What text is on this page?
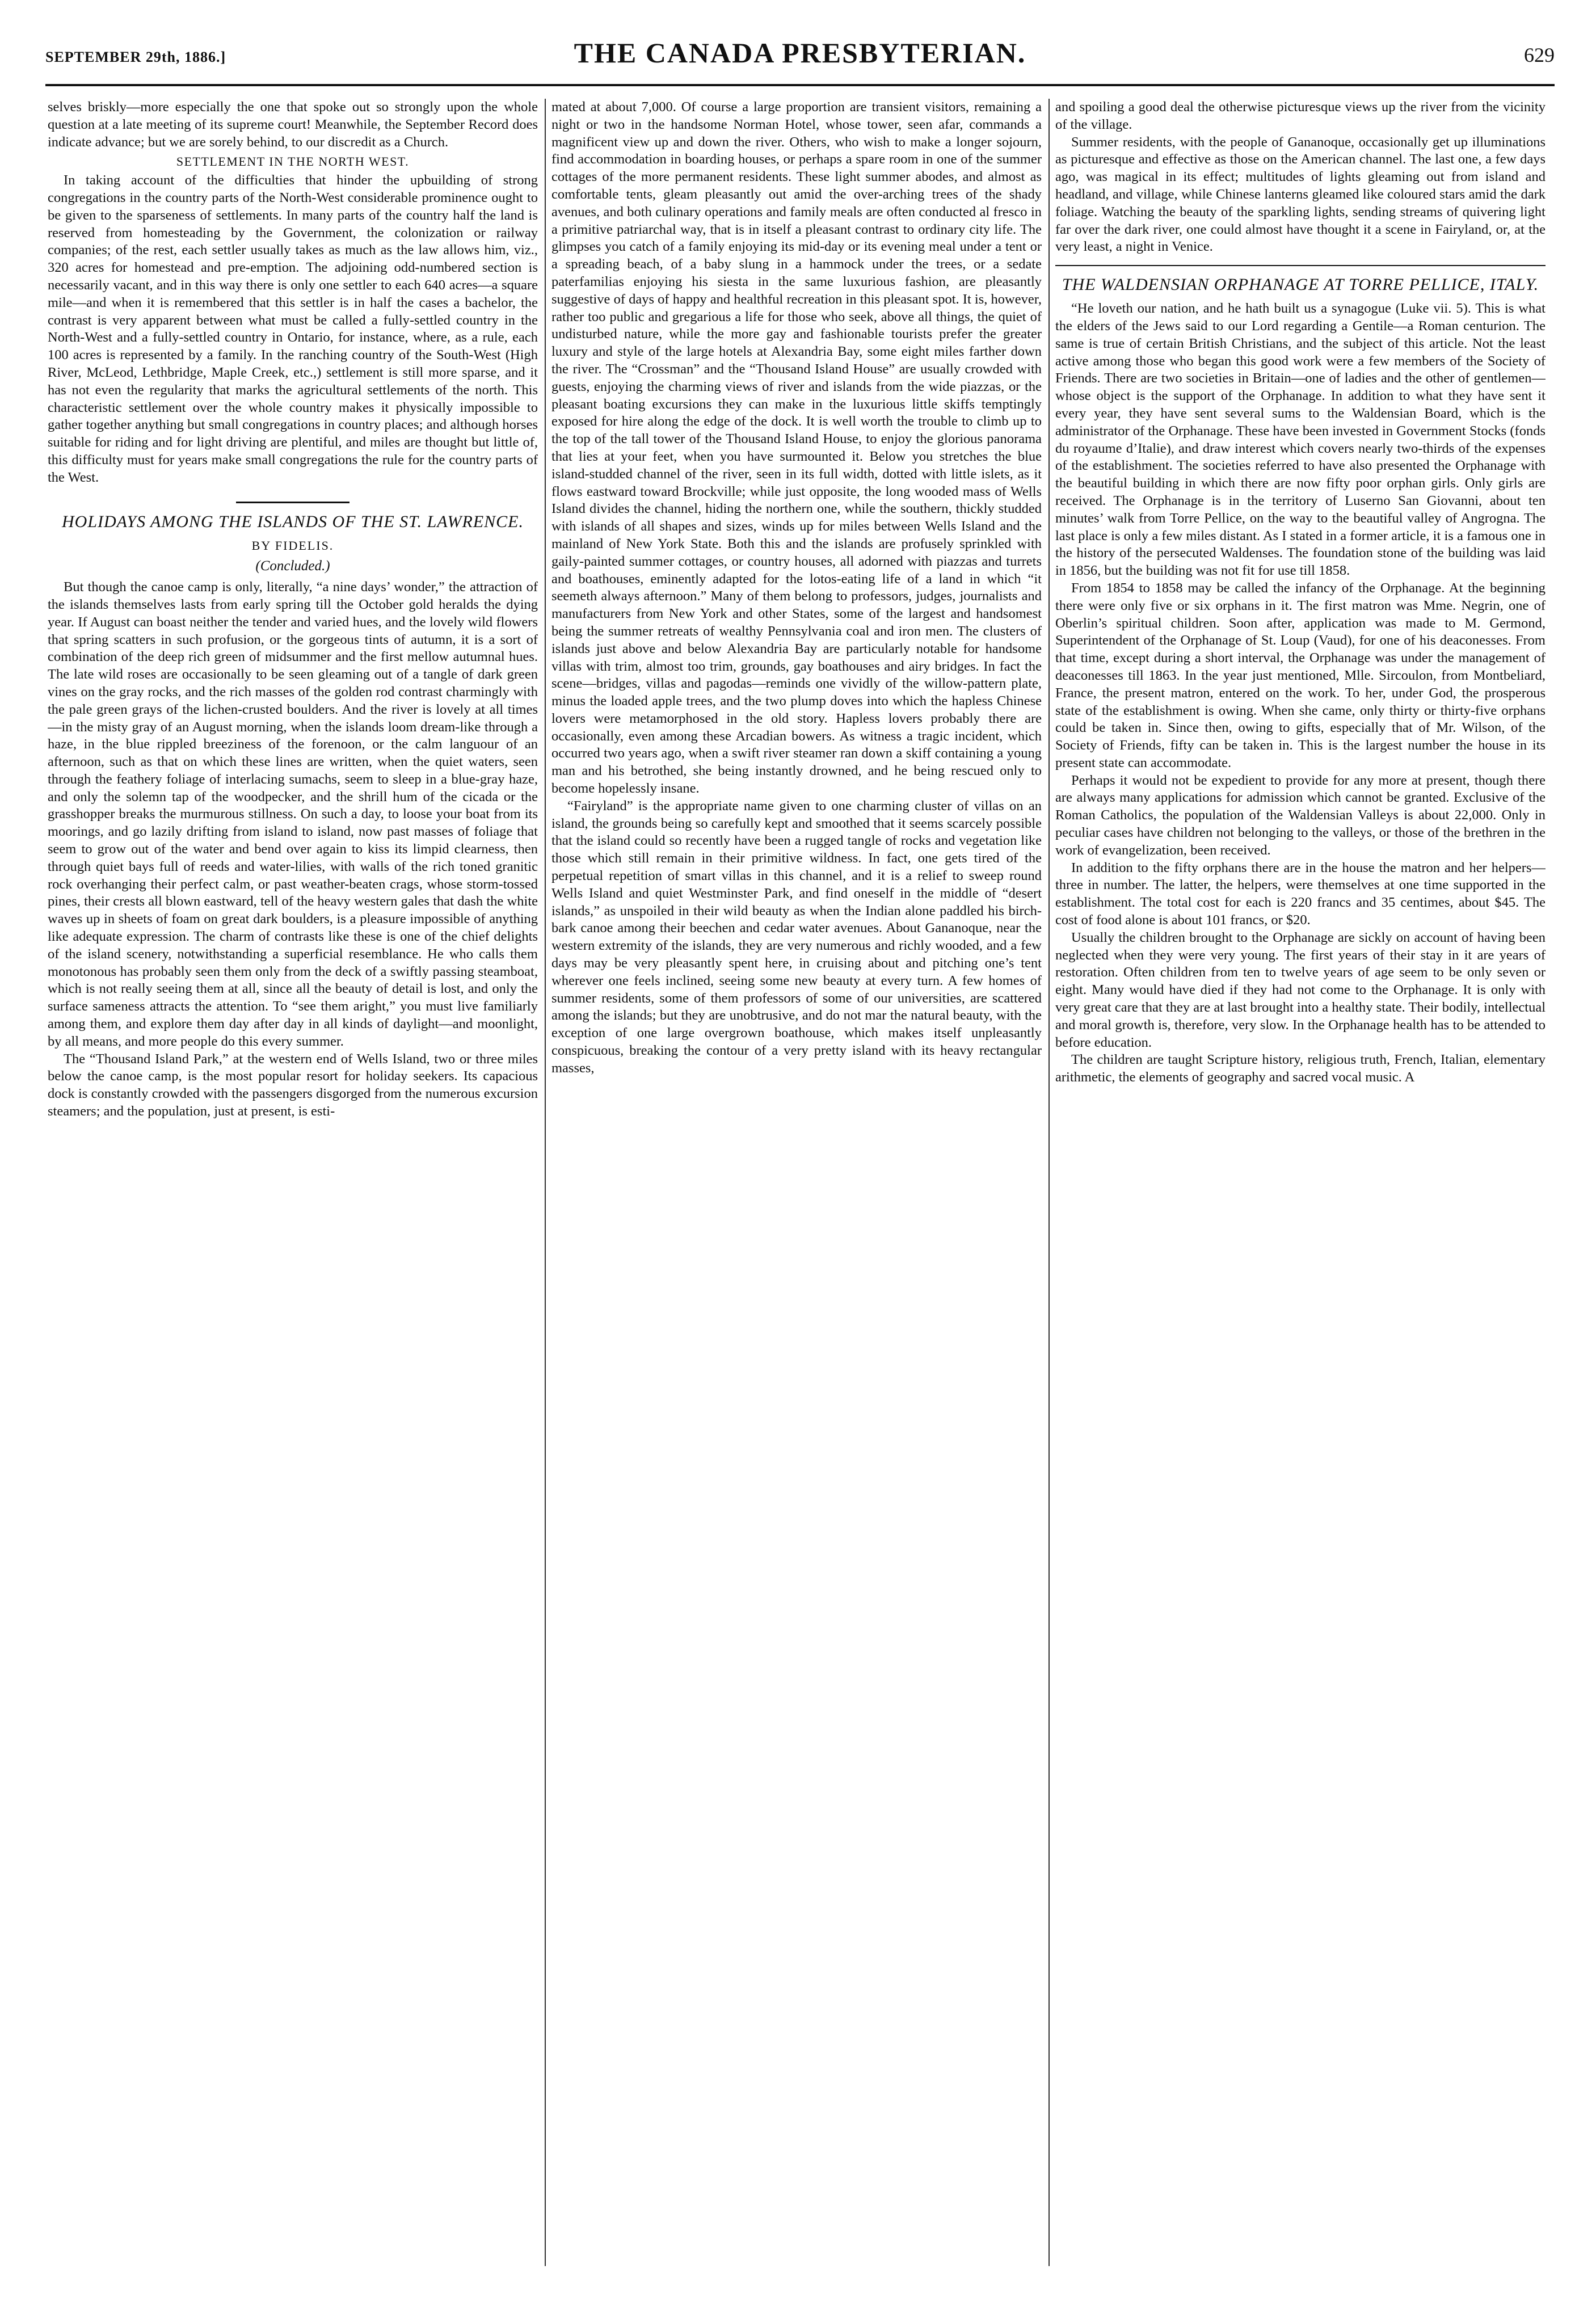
SEPTEMBER 29th, 1886.]	THE CANADA PRESBYTERIAN.	629

selves briskly—more especially the one that spoke out so strongly upon the whole question at a late meeting of its supreme court! Meanwhile, the September Record does indicate advance; but we are sorely behind, to our discredit as a Church.

SETTLEMENT IN THE NORTH WEST.

In taking account of the difficulties that hinder the upbuilding of strong congregations in the country parts of the North-West considerable prominence ought to be given to the sparseness of settlements. In many parts of the country half the land is reserved from homesteading by the Government, the colonization or railway companies; of the rest, each settler usually takes as much as the law allows him, viz., 320 acres for homestead and pre-emption. The adjoining odd-numbered section is necessarily vacant, and in this way there is only one settler to each 640 acres—a square mile—and when it is remembered that this settler is in half the cases a bachelor, the contrast is very apparent between what must be called a fully-settled country in the North-West and a fully-settled country in Ontario, for instance, where, as a rule, each 100 acres is represented by a family. In the ranching country of the South-West (High River, McLeod, Lethbridge, Maple Creek, etc.,) settlement is still more sparse, and it has not even the regularity that marks the agricultural settlements of the north. This characteristic settlement over the whole country makes it physically impossible to gather together anything but small congregations in country places; and although horses suitable for riding and for light driving are plentiful, and miles are thought but little of, this difficulty must for years make small congregations the rule for the country parts of the West.

HOLIDAYS AMONG THE ISLANDS OF THE ST. LAWRENCE.
BY FIDELIS.
(Concluded.)

But though the canoe camp is only, literally, “a nine days’ wonder,” the attraction of the islands themselves lasts from early spring till the October gold heralds the dying year. If August can boast neither the tender and varied hues, and the lovely wild flowers that spring scatters in such profusion, or the gorgeous tints of autumn, it is a sort of combination of the deep rich green of midsummer and the first mellow autumnal hues. The late wild roses are occasionally to be seen gleaming out of a tangle of dark green vines on the gray rocks, and the rich masses of the golden rod contrast charmingly with the pale green grays of the lichen-crusted boulders. And the river is lovely at all times—in the misty gray of an August morning, when the islands loom dream-like through a haze, in the blue rippled breeziness of the forenoon, or the calm languour of an afternoon, such as that on which these lines are written, when the quiet waters, seen through the feathery foliage of interlacing sumachs, seem to sleep in a blue-gray haze, and only the solemn tap of the woodpecker, and the shrill hum of the cicada or the grasshopper breaks the murmurous stillness. On such a day, to loose your boat from its moorings, and go lazily drifting from island to island, now past masses of foliage that seem to grow out of the water and bend over again to kiss its limpid clearness, then through quiet bays full of reeds and water-lilies, with walls of the rich toned granitic rock overhanging their perfect calm, or past weather-beaten crags, whose storm-tossed pines, their crests all blown eastward, tell of the heavy western gales that dash the white waves up in sheets of foam on great dark boulders, is a pleasure impossible of anything like adequate expression. The charm of contrasts like these is one of the chief delights of the island scenery, notwithstanding a superficial resemblance. He who calls them monotonous has probably seen them only from the deck of a swiftly passing steamboat, which is not really seeing them at all, since all the beauty of detail is lost, and only the surface sameness attracts the attention. To “see them aright,” you must live familiarly among them, and explore them day after day in all kinds of daylight—and moonlight, by all means, and more people do this every summer.

The “Thousand Island Park,” at the western end of Wells Island, two or three miles below the canoe camp, is the most popular resort for holiday seekers. Its capacious dock is constantly crowded with the passengers disgorged from the numerous excursion steamers; and the population, just at present, is esti-

mated at about 7,000. Of course a large proportion are transient visitors, remaining a night or two in the handsome Norman Hotel, whose tower, seen afar, commands a magnificent view up and down the river. Others, who wish to make a longer sojourn, find accommodation in boarding houses, or perhaps a spare room in one of the summer cottages of the more permanent residents. These light summer abodes, and almost as comfortable tents, gleam pleasantly out amid the over-arching trees of the shady avenues, and both culinary operations and family meals are often conducted al fresco in a primitive patriarchal way, that is in itself a pleasant contrast to ordinary city life. The glimpses you catch of a family enjoying its mid-day or its evening meal under a tent or a spreading beach, of a baby slung in a hammock under the trees, or a sedate paterfamilias enjoying his siesta in the same luxurious fashion, are pleasantly suggestive of days of happy and healthful recreation in this pleasant spot. It is, however, rather too public and gregarious a life for those who seek, above all things, the quiet of undisturbed nature, while the more gay and fashionable tourists prefer the greater luxury and style of the large hotels at Alexandria Bay, some eight miles farther down the river. The “Crossman” and the “Thousand Island House” are usually crowded with guests, enjoying the charming views of river and islands from the wide piazzas, or the pleasant boating excursions they can make in the luxurious little skiffs temptingly exposed for hire along the edge of the dock. It is well worth the trouble to climb up to the top of the tall tower of the Thousand Island House, to enjoy the glorious panorama that lies at your feet, when you have surmounted it. Below you stretches the blue island-studded channel of the river, seen in its full width, dotted with little islets, as it flows eastward toward Brockville; while just opposite, the long wooded mass of Wells Island divides the channel, hiding the northern one, while the southern, thickly studded with islands of all shapes and sizes, winds up for miles between Wells Island and the mainland of New York State. Both this and the islands are profusely sprinkled with gaily-painted summer cottages, or country houses, all adorned with piazzas and turrets and boathouses, eminently adapted for the lotos-eating life of a land in which “it seemeth always afternoon.” Many of them belong to professors, judges, journalists and manufacturers from New York and other States, some of the largest and handsomest being the summer retreats of wealthy Pennsylvania coal and iron men. The clusters of islands just above and below Alexandria Bay are particularly notable for handsome villas with trim, almost too trim, grounds, gay boathouses and airy bridges. In fact the scene—bridges, villas and pagodas—reminds one vividly of the willow-pattern plate, minus the loaded apple trees, and the two plump doves into which the hapless Chinese lovers were metamorphosed in the old story. Hapless lovers probably there are occasionally, even among these Arcadian bowers. As witness a tragic incident, which occurred two years ago, when a swift river steamer ran down a skiff containing a young man and his betrothed, she being instantly drowned, and he being rescued only to become hopelessly insane.

“Fairyland” is the appropriate name given to one charming cluster of villas on an island, the grounds being so carefully kept and smoothed that it seems scarcely possible that the island could so recently have been a rugged tangle of rocks and vegetation like those which still remain in their primitive wildness. In fact, one gets tired of the perpetual repetition of smart villas in this channel, and it is a relief to sweep round Wells Island and quiet Westminster Park, and find oneself in the middle of “desert islands,” as unspoiled in their wild beauty as when the Indian alone paddled his birch-bark canoe among their beechen and cedar water avenues. About Gananoque, near the western extremity of the islands, they are very numerous and richly wooded, and a few days may be very pleasantly spent here, in cruising about and pitching one’s tent wherever one feels inclined, seeing some new beauty at every turn. A few homes of summer residents, some of them professors of some of our universities, are scattered among the islands; but they are unobtrusive, and do not mar the natural beauty, with the exception of one large overgrown boathouse, which makes itself unpleasantly conspicuous, breaking the contour of a very pretty island with its heavy rectangular masses,

and spoiling a good deal the otherwise picturesque views up the river from the vicinity of the village.

Summer residents, with the people of Gananoque, occasionally get up illuminations as picturesque and effective as those on the American channel. The last one, a few days ago, was magical in its effect; multitudes of lights gleaming out from island and headland, and village, while Chinese lanterns gleamed like coloured stars amid the dark foliage. Watching the beauty of the sparkling lights, sending streams of quivering light far over the dark river, one could almost have thought it a scene in Fairyland, or, at the very least, a night in Venice.

THE WALDENSIAN ORPHANAGE AT TORRE PELLICE, ITALY.

“He loveth our nation, and he hath built us a synagogue (Luke vii. 5). This is what the elders of the Jews said to our Lord regarding a Gentile—a Roman centurion. The same is true of certain British Christians, and the subject of this article. Not the least active among those who began this good work were a few members of the Society of Friends. There are two societies in Britain—one of ladies and the other of gentlemen—whose object is the support of the Orphanage. In addition to what they have sent it every year, they have sent several sums to the Waldensian Board, which is the administrator of the Orphanage. These have been invested in Government Stocks (fonds du royaume d’Italie), and draw interest which covers nearly two-thirds of the expenses of the establishment. The societies referred to have also presented the Orphanage with the beautiful building in which there are now fifty poor orphan girls. Only girls are received. The Orphanage is in the territory of Luserno San Giovanni, about ten minutes’ walk from Torre Pellice, on the way to the beautiful valley of Angrogna. The last place is only a few miles distant. As I stated in a former article, it is a famous one in the history of the persecuted Waldenses. The foundation stone of the building was laid in 1856, but the building was not fit for use till 1858.

From 1854 to 1858 may be called the infancy of the Orphanage. At the beginning there were only five or six orphans in it. The first matron was Mme. Negrin, one of Oberlin’s spiritual children. Soon after, application was made to M. Germond, Superintendent of the Orphanage of St. Loup (Vaud), for one of his deaconesses. From that time, except during a short interval, the Orphanage was under the management of deaconesses till 1863. In the year just mentioned, Mlle. Sircoulon, from Montbeliard, France, the present matron, entered on the work. To her, under God, the prosperous state of the establishment is owing. When she came, only thirty or thirty-five orphans could be taken in. Since then, owing to gifts, especially that of Mr. Wilson, of the Society of Friends, fifty can be taken in. This is the largest number the house in its present state can accommodate.

Perhaps it would not be expedient to provide for any more at present, though there are always many applications for admission which cannot be granted. Exclusive of the Roman Catholics, the population of the Waldensian Valleys is about 22,000. Only in peculiar cases have children not belonging to the valleys, or those of the brethren in the work of evangelization, been received.

In addition to the fifty orphans there are in the house the matron and her helpers—three in number. The latter, the helpers, were themselves at one time supported in the establishment. The total cost for each is 220 francs and 35 centimes, about $45. The cost of food alone is about 101 francs, or $20.

Usually the children brought to the Orphanage are sickly on account of having been neglected when they were very young. The first years of their stay in it are years of restoration. Often children from ten to twelve years of age seem to be only seven or eight. Many would have died if they had not come to the Orphanage. It is only with very great care that they are at last brought into a healthy state. Their bodily, intellectual and moral growth is, therefore, very slow. In the Orphanage health has to be attended to before education.

The children are taught Scripture history, religious truth, French, Italian, elementary arithmetic, the elements of geography and sacred vocal music. A
